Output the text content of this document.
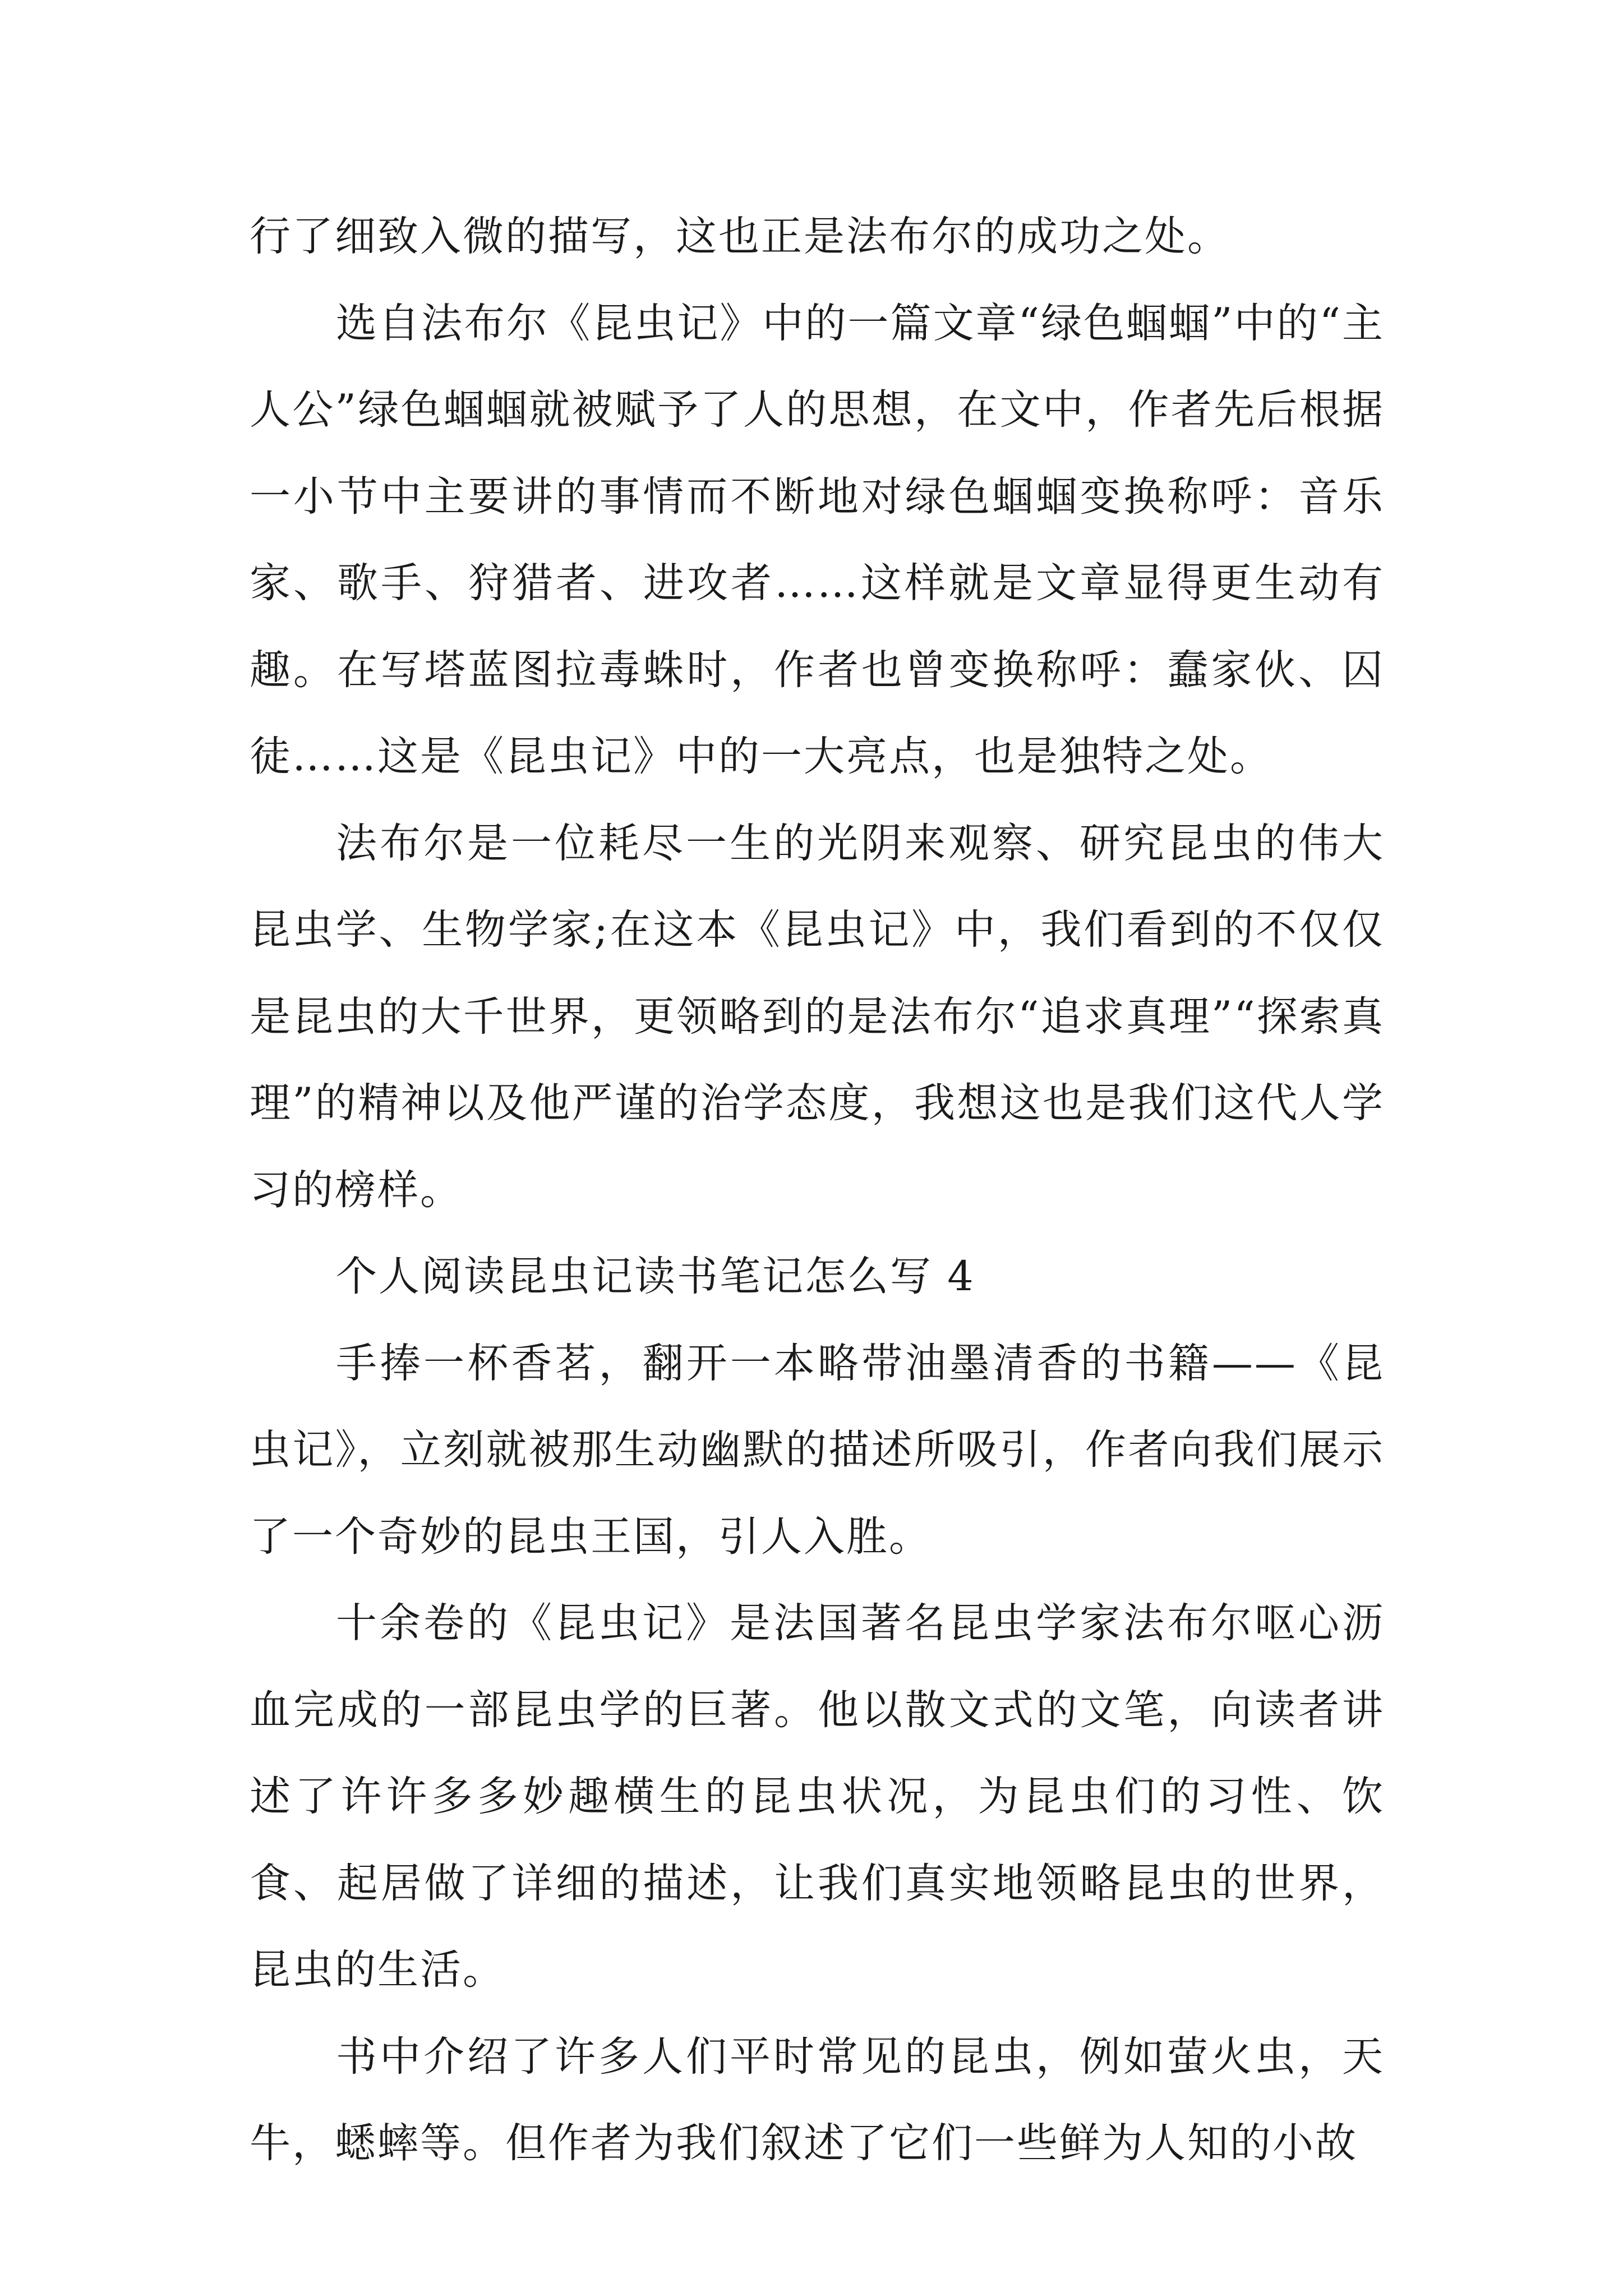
行了细致入微的描写，这也正是法布尔的成功之处。

选自法布尔《昆虫记》中的一篇文章“绿色蝈蝈”中的“主人公”绿色蝈蝈就被赋予了人的思想，在文中，作者先后根据一小节中主要讲的事情而不断地对绿色蝈蝈变换称呼：音乐家、歌手、狩猎者、进攻者……这样就是文章显得更生动有趣。在写塔蓝图拉毒蛛时，作者也曾变换称呼：蠢家伙、囚徒……这是《昆虫记》中的一大亮点，也是独特之处。

法布尔是一位耗尽一生的光阴来观察、研究昆虫的伟大昆虫学、生物学家;在这本《昆虫记》中，我们看到的不仅仅是昆虫的大千世界，更领略到的是法布尔“追求真理”“探索真理”的精神以及他严谨的治学态度，我想这也是我们这代人学习的榜样。

个人阅读昆虫记读书笔记怎么写 4

手捧一杯香茗，翻开一本略带油墨清香的书籍——《昆虫记》，立刻就被那生动幽默的描述所吸引，作者向我们展示了一个奇妙的昆虫王国，引人入胜。

十余卷的《昆虫记》是法国著名昆虫学家法布尔呕心沥血完成的一部昆虫学的巨著。他以散文式的文笔，向读者讲述了许许多多妙趣横生的昆虫状况，为昆虫们的习性、饮食、起居做了详细的描述，让我们真实地领略昆虫的世界，昆虫的生活。

书中介绍了许多人们平时常见的昆虫，例如萤火虫，天牛，蟋蟀等。但作者为我们叙述了它们一些鲜为人知的小故
